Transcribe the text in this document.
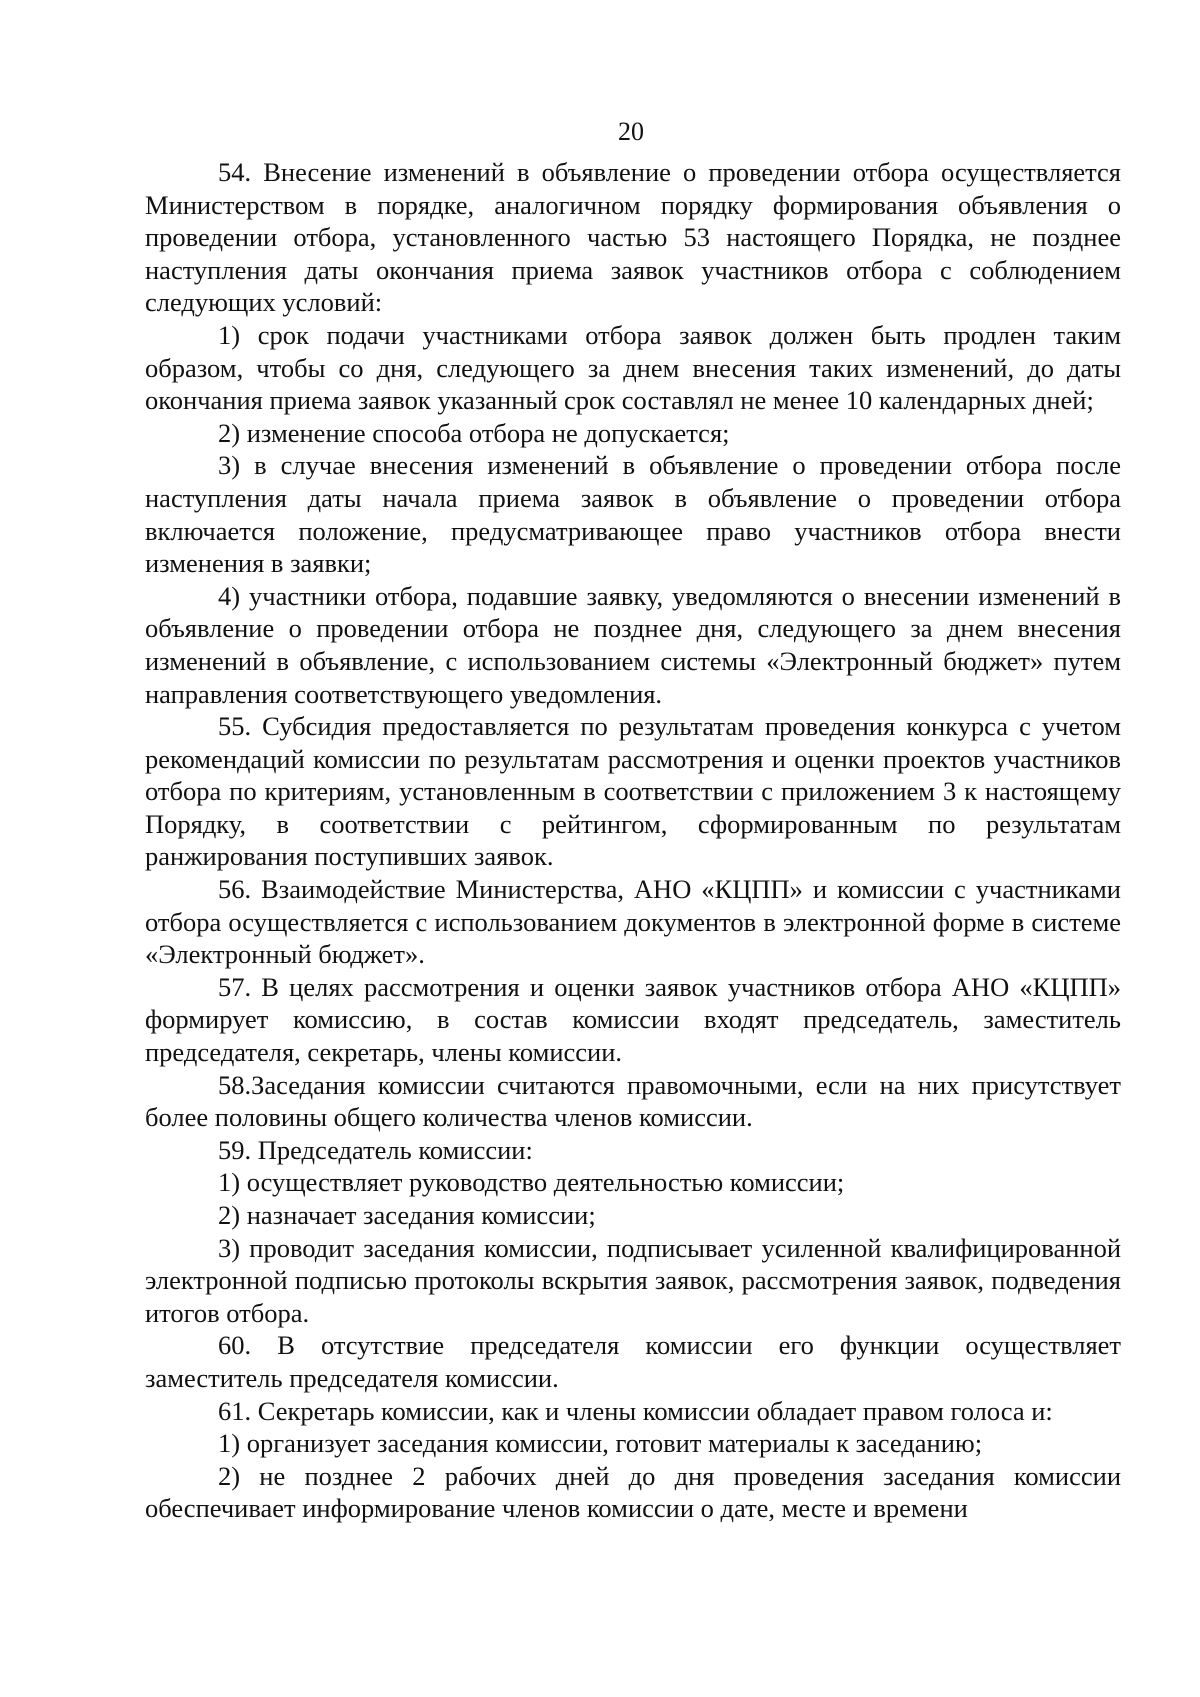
20

54. Внесение изменений в объявление о проведении отбора осуществляется Министерством в порядке, аналогичном порядку формирования объявления о проведении отбора, установленного частью 53 настоящего Порядка, не позднее наступления даты окончания приема заявок участников отбора с соблюдением следующих условий:

1) срок подачи участниками отбора заявок должен быть продлен таким образом, чтобы со дня, следующего за днем внесения таких изменений, до даты окончания приема заявок указанный срок составлял не менее 10 календарных дней;

2) изменение способа отбора не допускается;

3) в случае внесения изменений в объявление о проведении отбора после наступления даты начала приема заявок в объявление о проведении отбора включается положение, предусматривающее право участников отбора внести изменения в заявки;

4) участники отбора, подавшие заявку, уведомляются о внесении изменений в объявление о проведении отбора не позднее дня, следующего за днем внесения изменений в объявление, с использованием системы «Электронный бюджет» путем направления соответствующего уведомления.

55. Субсидия предоставляется по результатам проведения конкурса с учетом рекомендаций комиссии по результатам рассмотрения и оценки проектов участников отбора по критериям, установленным в соответствии с приложением 3 к настоящему Порядку, в соответствии с рейтингом, сформированным по результатам ранжирования поступивших заявок.

56. Взаимодействие Министерства, АНО «КЦПП» и комиссии с участниками отбора осуществляется с использованием документов в электронной форме в системе «Электронный бюджет».

57. В целях рассмотрения и оценки заявок участников отбора АНО «КЦПП» формирует комиссию, в состав комиссии входят председатель, заместитель председателя, секретарь, члены комиссии.

58.Заседания комиссии считаются правомочными, если на них присутствует более половины общего количества членов комиссии.

59. Председатель комиссии:

1) осуществляет руководство деятельностью комиссии;

2) назначает заседания комиссии;

3) проводит заседания комиссии, подписывает усиленной квалифицированной электронной подписью протоколы вскрытия заявок, рассмотрения заявок, подведения итогов отбора.

60. В отсутствие председателя комиссии его функции осуществляет заместитель председателя комиссии.

61. Секретарь комиссии, как и члены комиссии обладает правом голоса и:

1) организует заседания комиссии, готовит материалы к заседанию;

2) не позднее 2 рабочих дней до дня проведения заседания комиссии обеспечивает информирование членов комиссии о дате, месте и времени
